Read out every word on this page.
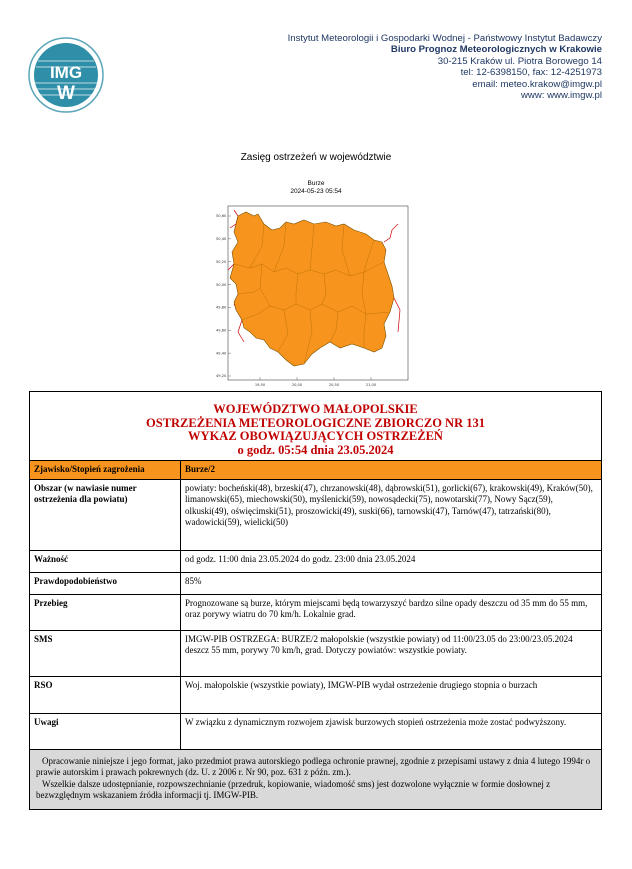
IMG
W
Instytut Meteorologii i Gospodarki Wodnej - Państwowy Instytut Badawczy
Biuro Prognoz Meteorologicznych w Krakowie
30-215 Kraków ul. Piotra Borowego 14
tel: 12-6398150, fax: 12-4251973
email: meteo.krakow@imgw.pl
www: www.imgw.pl
Zasięg ostrzeżeń w województwie
Burze
2024-05-23 05:54
50,60
50,40
50,20
50,00
49,80
49,60
49,40
49,20
19,50	20,00	20,50	21,00
WOJEWÓDZTWO MAŁOPOLSKIE
OSTRZEŻENIA METEOROLOGICZNE ZBIORCZO NR 131
WYKAZ OBOWIĄZUJĄCYCH OSTRZEŻEŃ
o godz. 05:54 dnia 23.05.2024	

Zjawisko/Stopień zagrożenia	Burze/2
Obszar (w nawiasie numer ostrzeżenia dla powiatu)	powiaty: bocheński(48), brzeski(47), chrzanowski(48), dąbrowski(51), gorlicki(67), krakowski(49), Kraków(50), limanowski(65), miechowski(50), myślenicki(59), nowosądecki(75), nowotarski(77), Nowy Sącz(59), olkuski(49), oświęcimski(51), proszowicki(49), suski(66), tarnowski(47), Tarnów(47), tatrzański(80), wadowicki(59), wielicki(50)
Ważność	od godz. 11:00 dnia 23.05.2024 do godz. 23:00 dnia 23.05.2024
Prawdopodobieństwo	85%
Przebieg	Prognozowane są burze, którym miejscami będą towarzyszyć bardzo silne opady deszczu od 35 mm do 55 mm, oraz porywy wiatru do 70 km/h. Lokalnie grad.
SMS	IMGW-PIB OSTRZEGA: BURZE/2 małopolskie (wszystkie powiaty) od 11:00/23.05 do 23:00/23.05.2024 deszcz 55 mm, porywy 70 km/h, grad. Dotyczy powiatów: wszystkie powiaty.
RSO	Woj. małopolskie (wszystkie powiaty), IMGW-PIB wydał ostrzeżenie drugiego stopnia o burzach
Uwagi	W związku z dynamicznym rozwojem zjawisk burzowych stopień ostrzeżenia może zostać podwyższony.

Opracowanie niniejsze i jego format, jako przedmiot prawa autorskiego podlega ochronie prawnej, zgodnie z przepisami ustawy z dnia 4 lutego 1994r o prawie autorskim i prawach pokrewnych (dz. U. z 2006 r. Nr 90, poz. 631 z późn. zm.).

Wszelkie dalsze udostępnianie, rozpowszechnianie (przedruk, kopiowanie, wiadomość sms) jest dozwolone wyłącznie w formie dosłownej z bezwzględnym wskazaniem źródła informacji tj. IMGW-PIB.	
